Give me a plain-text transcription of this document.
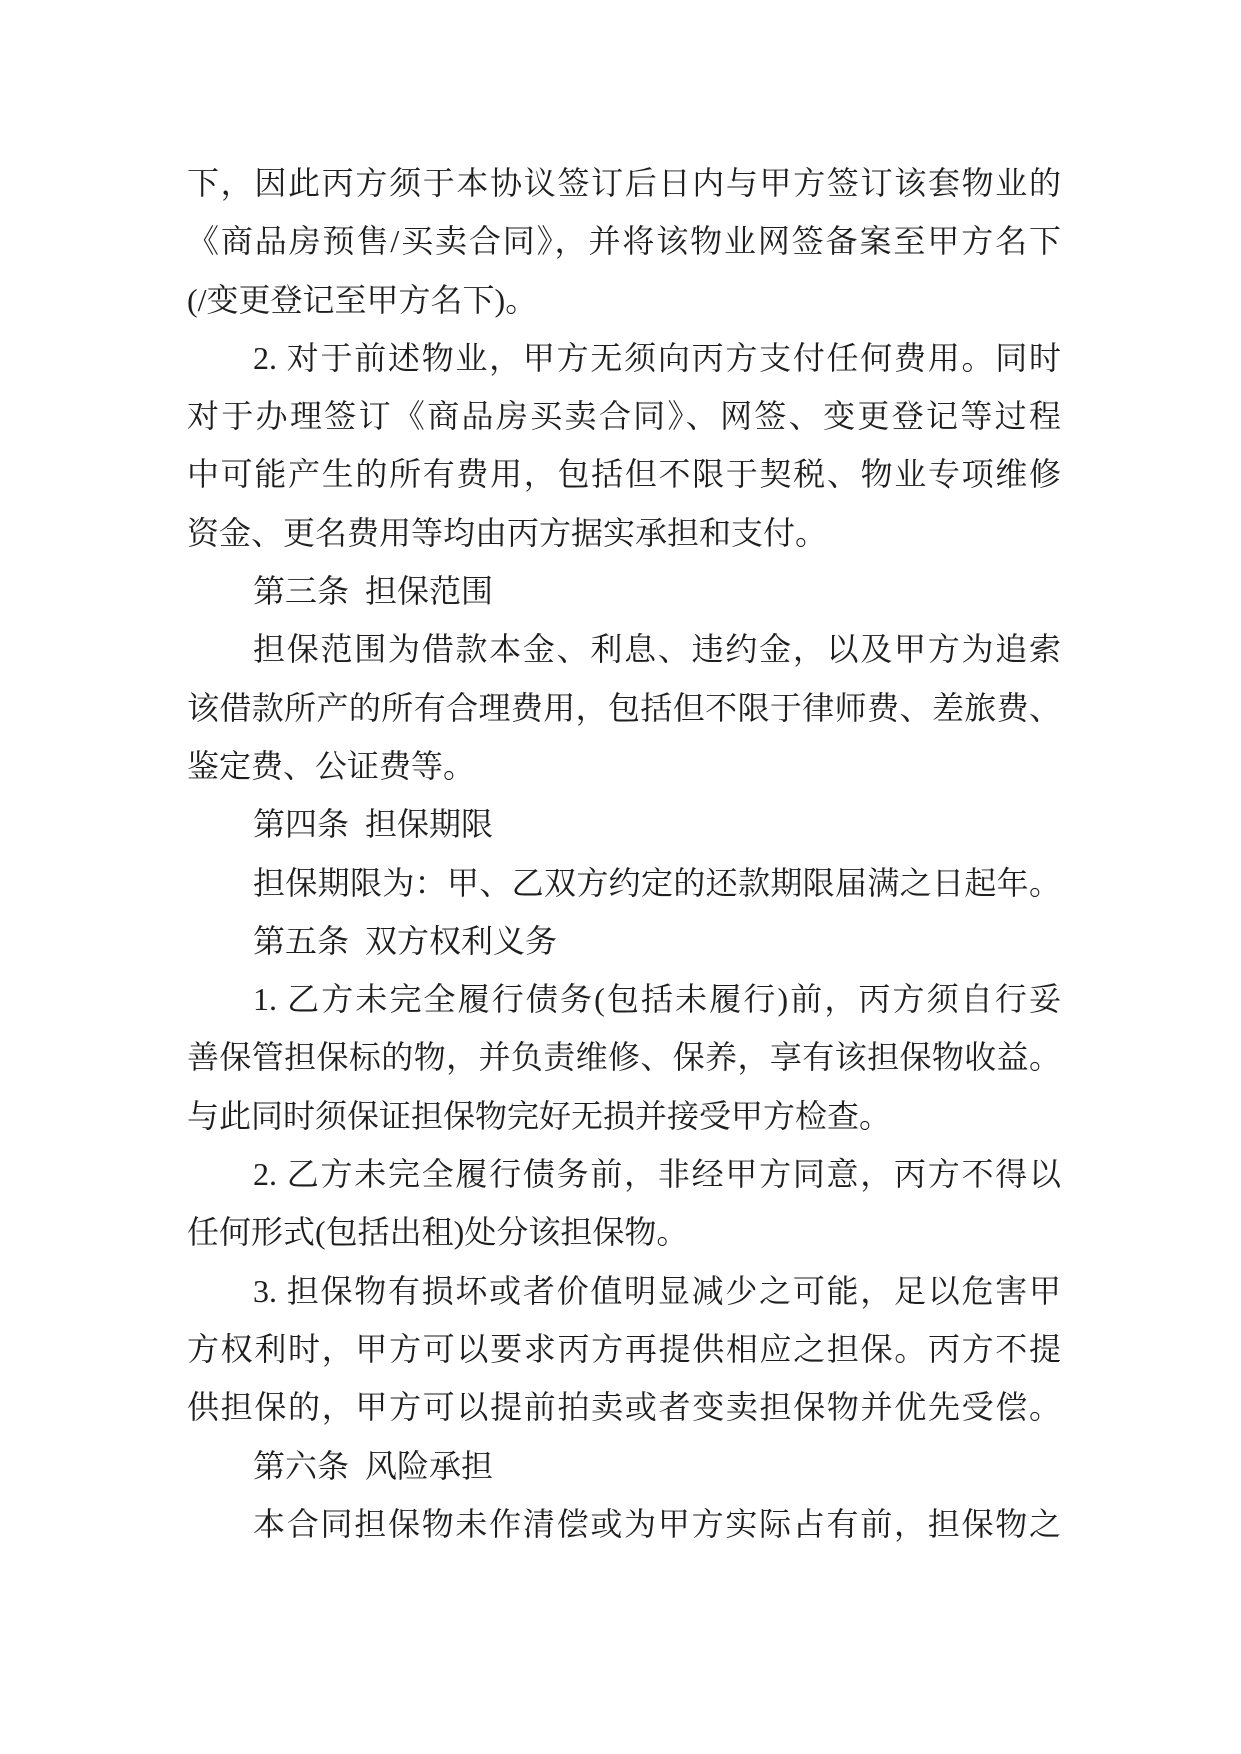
下，因此丙方须于本协议签订后日内与甲方签订该套物业的
《商品房预售/买卖合同》，并将该物业网签备案至甲方名下
(/变更登记至甲方名下)。
2. 对于前述物业，甲方无须向丙方支付任何费用。同时
对于办理签订《商品房买卖合同》、网签、变更登记等过程
中可能产生的所有费用，包括但不限于契税、物业专项维修
资金、更名费用等均由丙方据实承担和支付。
第三条  担保范围
担保范围为借款本金、利息、违约金，以及甲方为追索
该借款所产的所有合理费用，包括但不限于律师费、差旅费、
鉴定费、公证费等。
第四条  担保期限
担保期限为：甲、乙双方约定的还款期限届满之日起年。
第五条  双方权利义务
1. 乙方未完全履行债务(包括未履行)前，丙方须自行妥
善保管担保标的物，并负责维修、保养，享有该担保物收益。
与此同时须保证担保物完好无损并接受甲方检查。
2. 乙方未完全履行债务前，非经甲方同意，丙方不得以
任何形式(包括出租)处分该担保物。
3. 担保物有损坏或者价值明显减少之可能，足以危害甲
方权利时，甲方可以要求丙方再提供相应之担保。丙方不提
供担保的，甲方可以提前拍卖或者变卖担保物并优先受偿。
第六条  风险承担
本合同担保物未作清偿或为甲方实际占有前，担保物之
